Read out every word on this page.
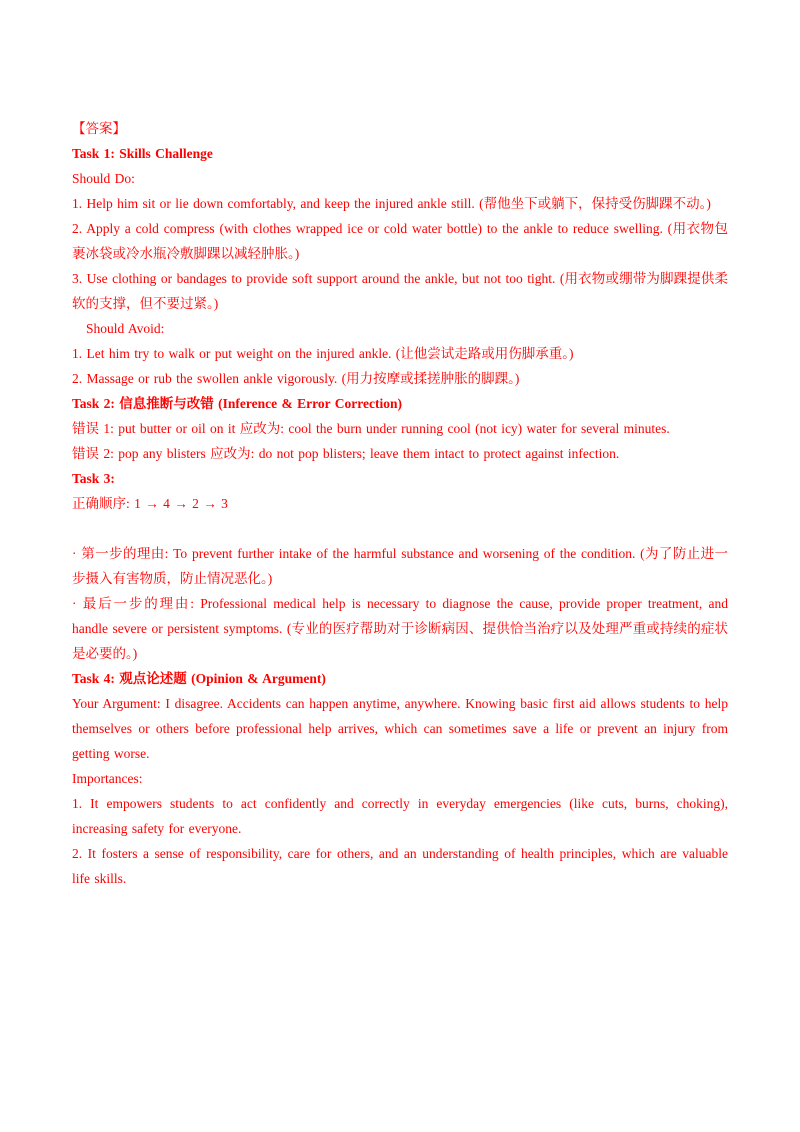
【答案】
Task 1: Skills Challenge
Should Do:
1. Help him sit or lie down comfortably, and keep the injured ankle still. (帮他坐下或躺下，保持受伤脚踝不动。)
2. Apply a cold compress (with clothes wrapped ice or cold water bottle) to the ankle to reduce swelling. (用衣物包裹冰袋或冷水瓶冷敷脚踝以减轻肿胀。)
3. Use clothing or bandages to provide soft support around the ankle, but not too tight. (用衣物或绷带为脚踝提供柔软的支撑，但不要过紧。)
Should Avoid:
1. Let him try to walk or put weight on the injured ankle. (让他尝试走路或用伤脚承重。)
2. Massage or rub the swollen ankle vigorously. (用力按摩或揉搓肿胀的脚踝。)
Task 2: 信息推断与改错 (Inference & Error Correction)
错误 1: put butter or oil on it 应改为: cool the burn under running cool (not icy) water for several minutes.
错误 2: pop any blisters 应改为: do not pop blisters; leave them intact to protect against infection.
Task 3:
正确顺序: 1 → 4 → 2 → 3
· 第一步的理由: To prevent further intake of the harmful substance and worsening of the condition. (为了防止进一步摄入有害物质，防止情况恶化。)
· 最后一步的理由: Professional medical help is necessary to diagnose the cause, provide proper treatment, and handle severe or persistent symptoms. (专业的医疗帮助对于诊断病因、提供恰当治疗以及处理严重或持续的症状是必要的。)
Task 4: 观点论述题 (Opinion & Argument)
Your Argument: I disagree. Accidents can happen anytime, anywhere. Knowing basic first aid allows students to help themselves or others before professional help arrives, which can sometimes save a life or prevent an injury from getting worse.
Importances:
1. It empowers students to act confidently and correctly in everyday emergencies (like cuts, burns, choking), increasing safety for everyone.
2. It fosters a sense of responsibility, care for others, and an understanding of health principles, which are valuable life skills.
